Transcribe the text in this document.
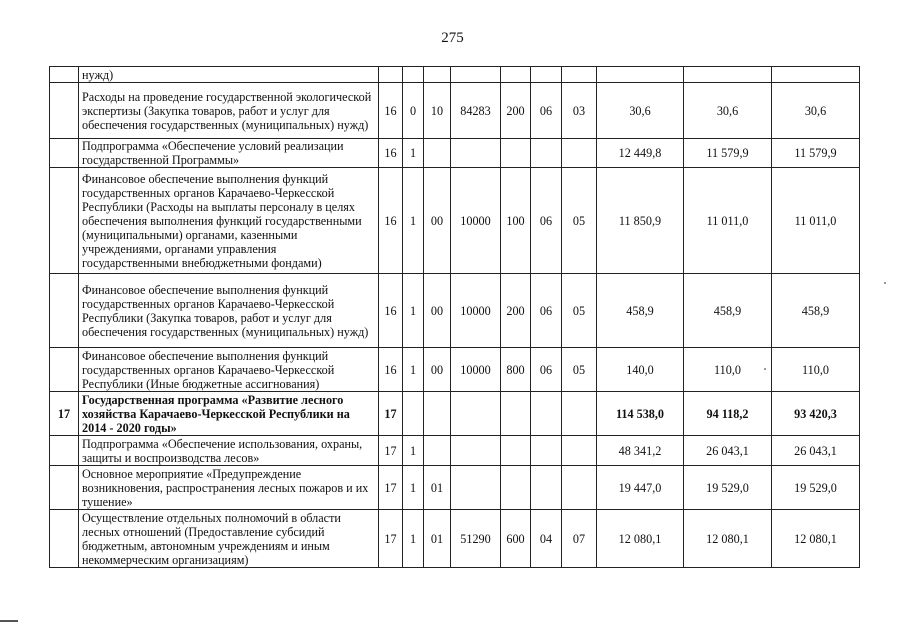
275
	нужд)										
	Расходы на проведение государственной экологической экспертизы (Закупка товаров, работ и услуг для обеспечения государственных (муниципальных) нужд)	16	0	10	84283	200	06	03	30,6	30,6	30,6
	Подпрограмма «Обеспечение условий реализации государственной Программы»	16	1						12 449,8	11 579,9	11 579,9
	Финансовое обеспечение выполнения функций государственных органов Карачаево-Черкесской Республики (Расходы на выплаты персоналу в целях обеспечения выполнения функций государственными (муниципальными) органами, казенными учреждениями, органами управления государственными внебюджетными фондами)	16	1	00	10000	100	06	05	11 850,9	11 011,0	11 011,0
	Финансовое обеспечение выполнения функций государственных органов Карачаево-Черкесской Республики (Закупка товаров, работ и услуг для обеспечения государственных (муниципальных) нужд)	16	1	00	10000	200	06	05	458,9	458,9	458,9
	Финансовое обеспечение выполнения функций государственных органов Карачаево-Черкесской Республики (Иные бюджетные ассигнования)	16	1	00	10000	800	06	05	140,0	110,0	110,0
17	Государственная программа «Развитие лесного хозяйства Карачаево-Черкесской Республики на 2014 - 2020 годы»	17							114 538,0	94 118,2	93 420,3
	Подпрограмма «Обеспечение использования, охраны, защиты и воспроизводства лесов»	17	1						48 341,2	26 043,1	26 043,1
	Основное мероприятие «Предупреждение возникновения, распространения лесных пожаров и их тушение»	17	1	01					19 447,0	19 529,0	19 529,0
	Осуществление отдельных полномочий в области лесных отношений (Предоставление субсидий бюджетным, автономным учреждениям и иным некоммерческим организациям)	17	1	01	51290	600	04	07	12 080,1	12 080,1	12 080,1
